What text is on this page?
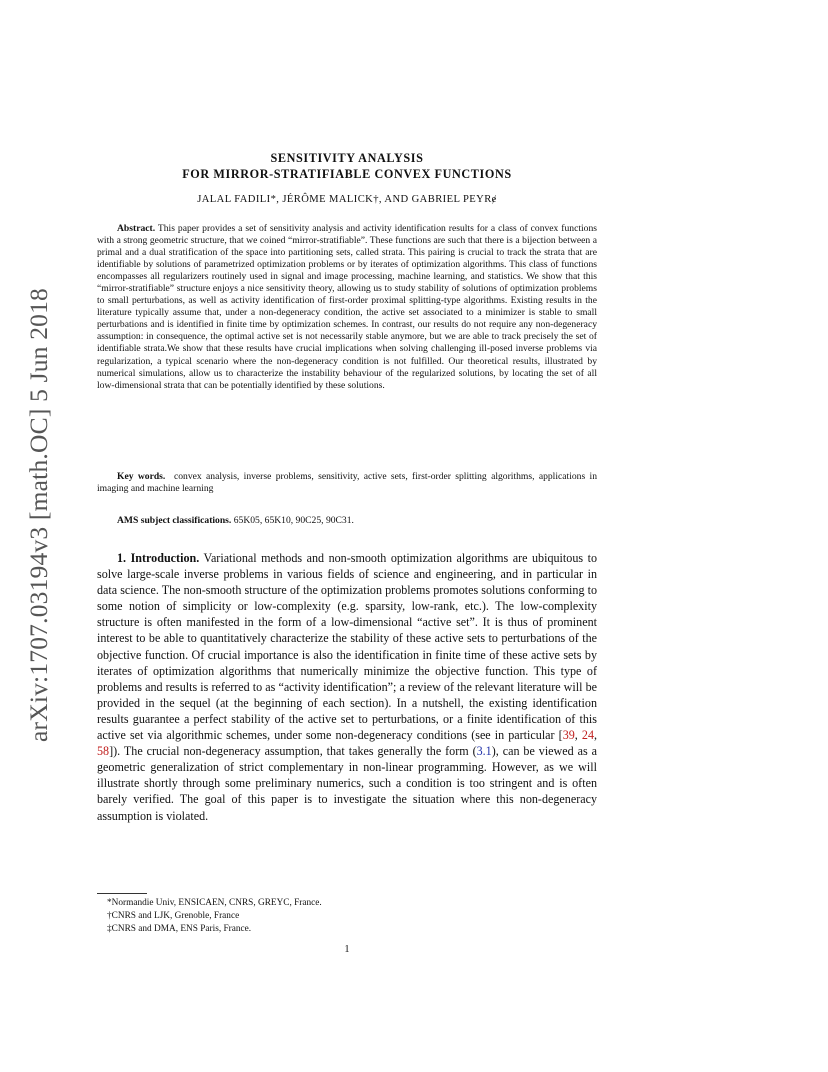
arXiv:1707.03194v3 [math.OC] 5 Jun 2018
SENSITIVITY ANALYSIS
FOR MIRROR-STRATIFIABLE CONVEX FUNCTIONS
JALAL FADILI*, JÉRÔME MALICK†, AND GABRIEL PEYRɇ

Abstract. This paper provides a set of sensitivity analysis and activity identification results for a class of convex functions with a strong geometric structure, that we coined “mirror-stratifiable”. These functions are such that there is a bijection between a primal and a dual stratification of the space into partitioning sets, called strata. This pairing is crucial to track the strata that are identifiable by solutions of parametrized optimization problems or by iterates of optimization algorithms. This class of functions encompasses all regularizers routinely used in signal and image processing, machine learning, and statistics. We show that this “mirror-stratifiable” structure enjoys a nice sensitivity theory, allowing us to study stability of solutions of optimization problems to small perturbations, as well as activity identification of first-order proximal splitting-type algorithms. Existing results in the literature typically assume that, under a non-degeneracy condition, the active set associated to a minimizer is stable to small perturbations and is identified in finite time by optimization schemes. In contrast, our results do not require any non-degeneracy assumption: in consequence, the optimal active set is not necessarily stable anymore, but we are able to track precisely the set of identifiable strata.We show that these results have crucial implications when solving challenging ill-posed inverse problems via regularization, a typical scenario where the non-degeneracy condition is not fulfilled. Our theoretical results, illustrated by numerical simulations, allow us to characterize the instability behaviour of the regularized solutions, by locating the set of all low-dimensional strata that can be potentially identified by these solutions.

Key words. convex analysis, inverse problems, sensitivity, active sets, first-order splitting algorithms, applications in imaging and machine learning

AMS subject classifications. 65K05, 65K10, 90C25, 90C31.

1. Introduction. Variational methods and non-smooth optimization algorithms are ubiquitous to solve large-scale inverse problems in various fields of science and engineering, and in particular in data science. The non-smooth structure of the optimization problems promotes solutions conforming to some notion of simplicity or low-complexity (e.g. sparsity, low-rank, etc.). The low-complexity structure is often manifested in the form of a low-dimensional “active set”. It is thus of prominent interest to be able to quantitatively characterize the stability of these active sets to perturbations of the objective function. Of crucial importance is also the identification in finite time of these active sets by iterates of optimization algorithms that numerically minimize the objective function. This type of problems and results is referred to as “activity identification”; a review of the relevant literature will be provided in the sequel (at the beginning of each section). In a nutshell, the existing identification results guarantee a perfect stability of the active set to perturbations, or a finite identification of this active set via algorithmic schemes, under some non-degeneracy conditions (see in particular [39, 24, 58]). The crucial non-degeneracy assumption, that takes generally the form (3.1), can be viewed as a geometric generalization of strict complementary in non-linear programming. However, as we will illustrate shortly through some preliminary numerics, such a condition is too stringent and is often barely verified. The goal of this paper is to investigate the situation where this non-degeneracy assumption is violated.

*Normandie Univ, ENSICAEN, CNRS, GREYC, France.
†CNRS and LJK, Grenoble, France
‡CNRS and DMA, ENS Paris, France.
1
